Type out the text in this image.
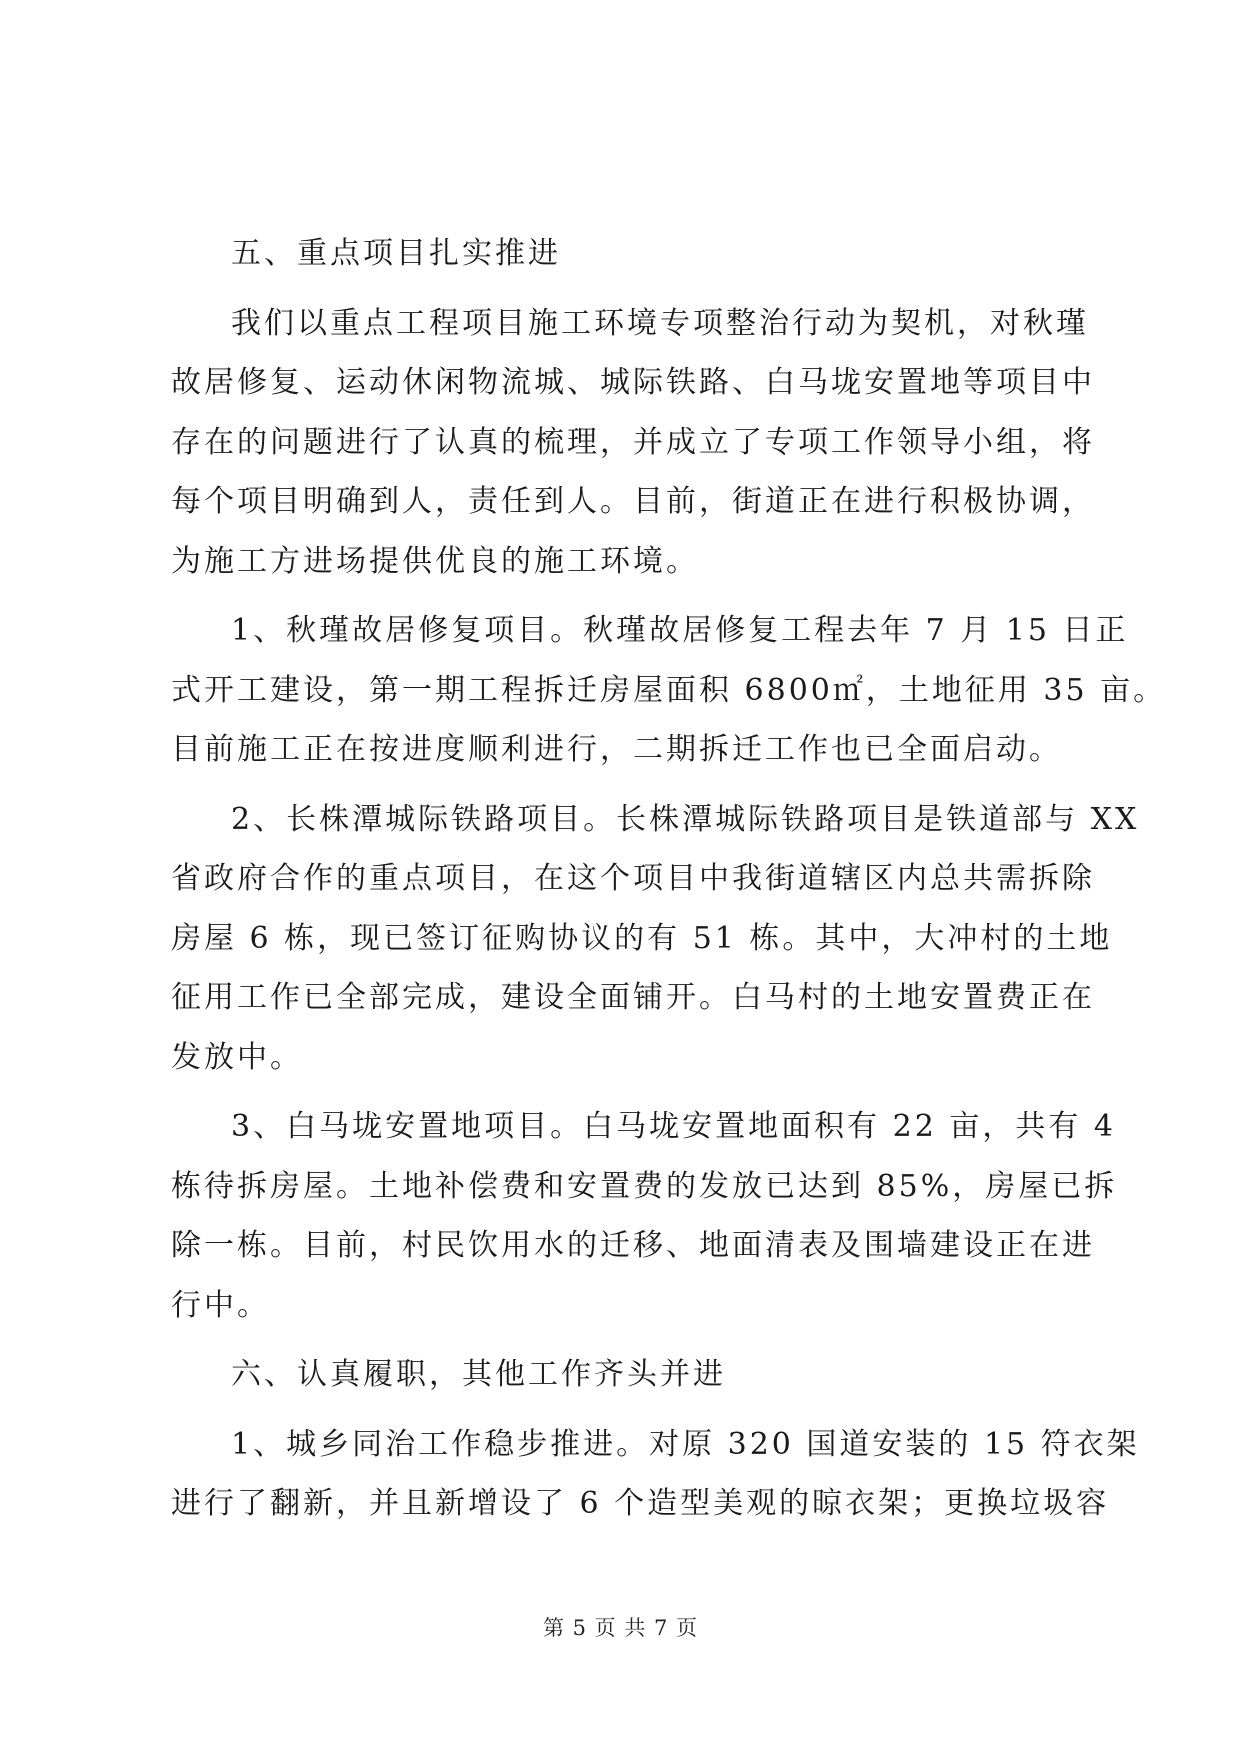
五、重点项目扎实推进
我们以重点工程项目施工环境专项整治行动为契机，对秋瑾
故居修复、运动休闲物流城、城际铁路、白马垅安置地等项目中
存在的问题进行了认真的梳理，并成立了专项工作领导小组，将
每个项目明确到人，责任到人。目前，街道正在进行积极协调，
为施工方进场提供优良的施工环境。
1、秋瑾故居修复项目。秋瑾故居修复工程去年 7 月 15 日正
式开工建设，第一期工程拆迁房屋面积 6800㎡，土地征用 35 亩。
目前施工正在按进度顺利进行，二期拆迁工作也已全面启动。
2、长株潭城际铁路项目。长株潭城际铁路项目是铁道部与 XX
省政府合作的重点项目，在这个项目中我街道辖区内总共需拆除
房屋 6 栋，现已签订征购协议的有 51 栋。其中，大冲村的土地
征用工作已全部完成，建设全面铺开。白马村的土地安置费正在
发放中。
3、白马垅安置地项目。白马垅安置地面积有 22 亩，共有 4
栋待拆房屋。土地补偿费和安置费的发放已达到 85%，房屋已拆
除一栋。目前，村民饮用水的迁移、地面清表及围墙建设正在进
行中。
六、认真履职，其他工作齐头并进
1、城乡同治工作稳步推进。对原 320 国道安装的 15 符衣架
进行了翻新，并且新增设了 6 个造型美观的晾衣架；更换垃圾容
第 5 页 共 7 页
